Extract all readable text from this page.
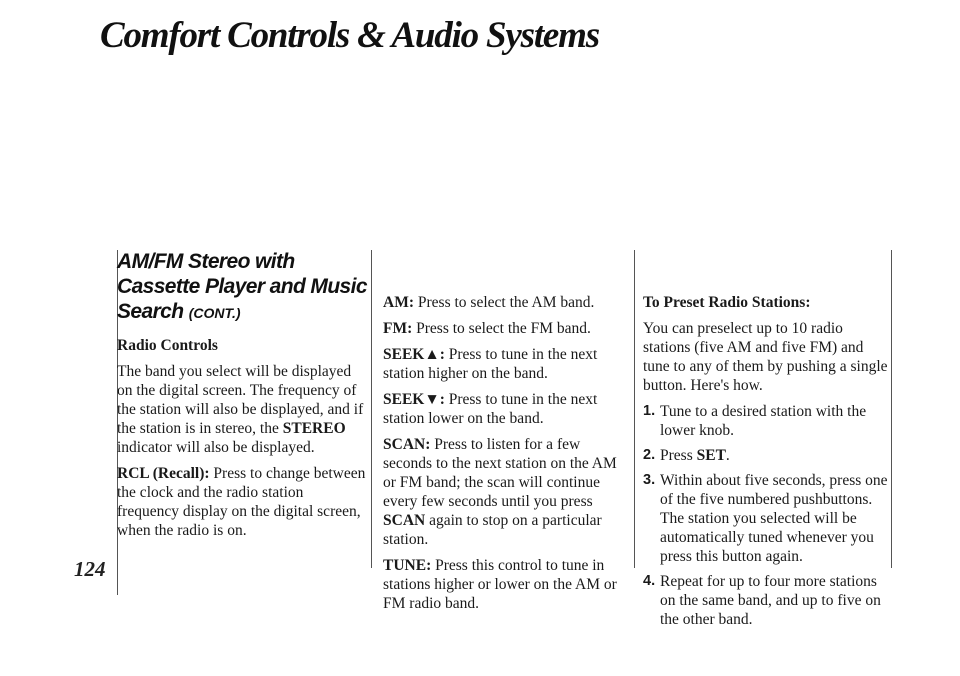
Comfort Controls & Audio Systems
124
AM/FM Stereo with Cassette Player and Music Search (CONT.)
Radio Controls

The band you select will be displayed on the digital screen. The frequency of the station will also be displayed, and if the station is in stereo, the STEREO indicator will also be displayed.

RCL (Recall): Press to change between the clock and the radio station frequency display on the digital screen, when the radio is on.

AM: Press to select the AM band.

FM: Press to select the FM band.

SEEK▲: Press to tune in the next station higher on the band.

SEEK▼: Press to tune in the next station lower on the band.

SCAN: Press to listen for a few seconds to the next station on the AM or FM band; the scan will continue every few seconds until you press SCAN again to stop on a particular station.

TUNE: Press this control to tune in stations higher or lower on the AM or FM radio band.

To Preset Radio Stations:

You can preselect up to 10 radio stations (five AM and five FM) and tune to any of them by pushing a single button. Here's how.

1. Tune to a desired station with the lower knob.
2. Press SET.
3. Within about five seconds, press one of the five numbered pushbuttons. The station you selected will be automatically tuned whenever you press this button again.
4. Repeat for up to four more stations on the same band, and up to five on the other band.
